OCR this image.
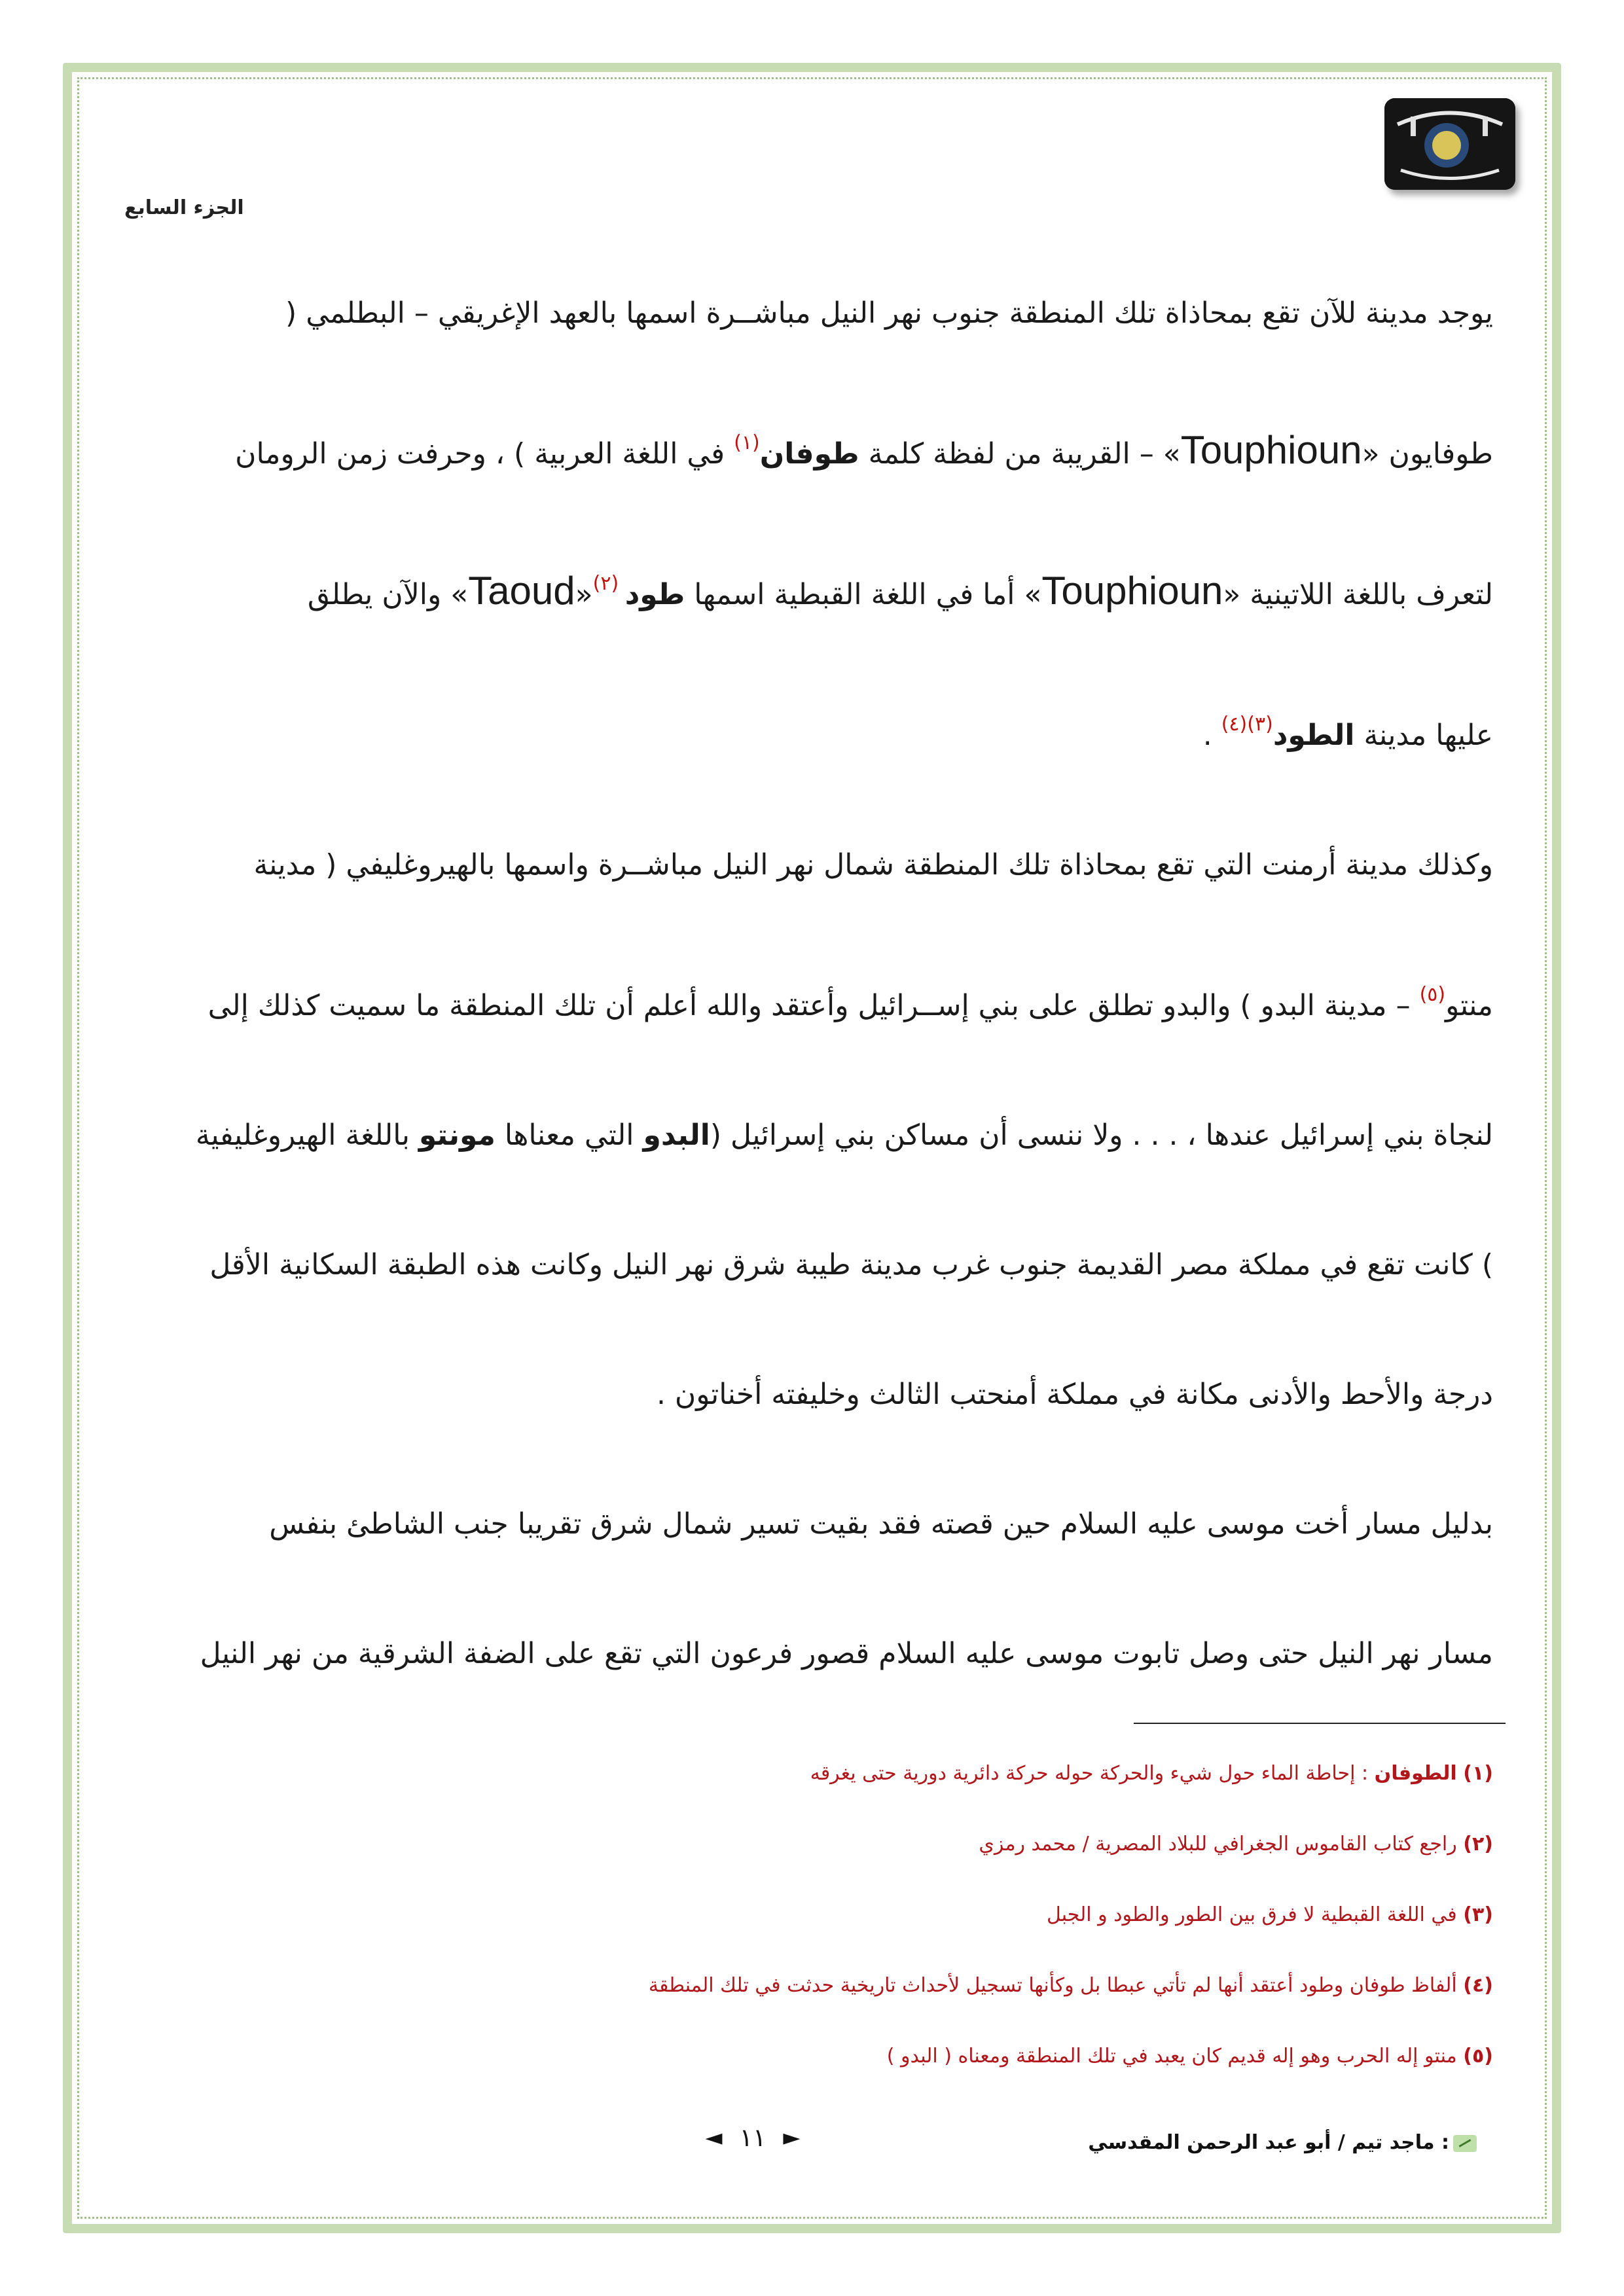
الجزء السابع
يوجد مدينة للآن تقع بمحاذاة تلك المنطقة جنوب نهر النيل مباشــرة اسمها بالعهد الإغريقي – البطلمي (
طوفايون «Touphioun» – القريبة من لفظة كلمة طوفان$^{(١)}$ في اللغة العربية ) ، وحرفت زمن الرومان
لتعرف باللغة اللاتينية «Touphioun» أما في اللغة القبطية اسمها طود $^{(٢)}$«Taoud» والآن يطلق
عليها مدينة الطود$^{(٣)(٤)}$ .
وكذلك مدينة أرمنت التي تقع بمحاذاة تلك المنطقة شمال نهر النيل مباشــرة واسمها بالهيروغليفي ( مدينة
منتو$^{(٥)}$ – مدينة البدو ) والبدو تطلق على بني إســرائيل وأعتقد والله أعلم أن تلك المنطقة ما سميت كذلك إلى
لنجاة بني إسرائيل عندها ، . . . ولا ننسى أن مساكن بني إسرائيل (البدو التي معناها مونتو باللغة الهيروغليفية
) كانت تقع في مملكة مصر القديمة جنوب غرب مدينة طيبة شرق نهر النيل وكانت هذه الطبقة السكانية الأقل
درجة والأحط والأدنى مكانة في مملكة أمنحتب الثالث وخليفته أخناتون .
بدليل مسار أخت موسى عليه السلام حين قصته فقد بقيت تسير شمال شرق تقريبا جنب الشاطئ بنفس
مسار نهر النيل حتى وصل تابوت موسى عليه السلام قصور فرعون التي تقع على الضفة الشرقية من نهر النيل
(١) الطوفان : إحاطة الماء حول شيء والحركة حوله حركة دائرية دورية حتى يغرقه
(٢) راجع كتاب القاموس الجغرافي للبلاد المصرية / محمد رمزي
(٣) في اللغة القبطية لا فرق بين الطور والطود و الجبل
(٤) ألفاظ طوفان وطود أعتقد أنها لم تأتي عبطا بل وكأنها تسجيل لأحداث تاريخية حدثت في تلك المنطقة
(٥) منتو إله الحرب وهو إله قديم كان يعبد في تلك المنطقة ومعناه ( البدو )
◄ ١١ ►	: ماجد تيم / أبو عبد الرحمن المقدسي
